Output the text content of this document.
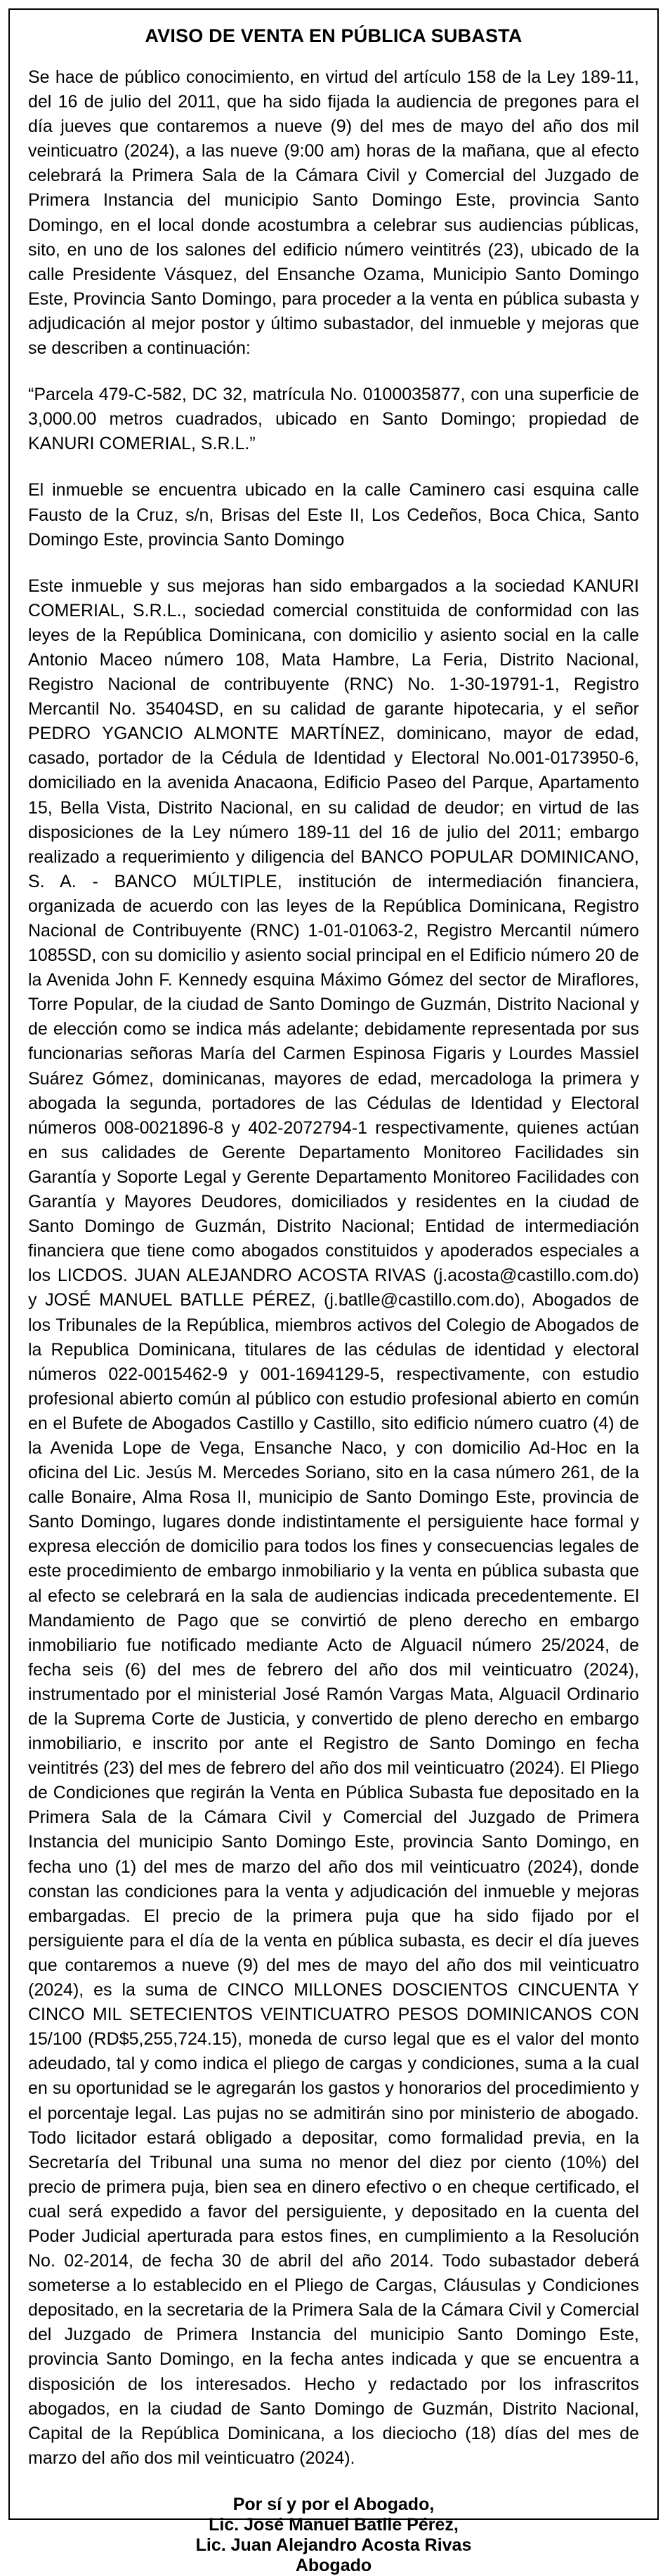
AVISO DE VENTA EN PÚBLICA SUBASTA

Se hace de público conocimiento, en virtud del artículo 158 de la Ley 189-11, del 16 de julio del 2011, que ha sido fijada la audiencia de pregones para el día jueves que contaremos a nueve (9) del mes de mayo del año dos mil veinticuatro (2024), a las nueve (9:00 am) horas de la mañana, que al efecto celebrará la Primera Sala de la Cámara Civil y Comercial del Juzgado de Primera Instancia del municipio Santo Domingo Este, provincia Santo Domingo, en el local donde acostumbra a celebrar sus audiencias públicas, sito, en uno de los salones del edificio número veintitrés (23), ubicado de la calle Presidente Vásquez, del Ensanche Ozama, Municipio Santo Domingo Este, Provincia Santo Domingo, para proceder a la venta en pública subasta y adjudicación al mejor postor y último subastador, del inmueble y mejoras que se describen a continuación:

“Parcela 479-C-582, DC 32, matrícula No. 0100035877, con una superficie de 3,000.00 metros cuadrados, ubicado en Santo Domingo; propiedad de KANURI COMERIAL, S.R.L.”

El inmueble se encuentra ubicado en la calle Caminero casi esquina calle Fausto de la Cruz, s/n, Brisas del Este II, Los Cedeños, Boca Chica, Santo Domingo Este, provincia Santo Domingo

Este inmueble y sus mejoras han sido embargados a la sociedad KANURI COMERIAL, S.R.L., sociedad comercial constituida de conformidad con las leyes de la República Dominicana, con domicilio y asiento social en la calle Antonio Maceo número 108, Mata Hambre, La Feria, Distrito Nacional, Registro Nacional de contribuyente (RNC) No. 1-30-19791-1, Registro Mercantil No. 35404SD, en su calidad de garante hipotecaria, y el señor PEDRO YGANCIO ALMONTE MARTÍNEZ, dominicano, mayor de edad, casado, portador de la Cédula de Identidad y Electoral No.001-0173950-6, domiciliado en la avenida Anacaona, Edificio Paseo del Parque, Apartamento 15, Bella Vista, Distrito Nacional, en su calidad de deudor; en virtud de las disposiciones de la Ley número 189-11 del 16 de julio del 2011; embargo realizado a requerimiento y diligencia del BANCO POPULAR DOMINICANO, S. A. - BANCO MÚLTIPLE, institución de intermediación financiera, organizada de acuerdo con las leyes de la República Dominicana, Registro Nacional de Contribuyente (RNC) 1-01-01063-2, Registro Mercantil número 1085SD, con su domicilio y asiento social principal en el Edificio número 20 de la Avenida John F. Kennedy esquina Máximo Gómez del sector de Miraflores, Torre Popular, de la ciudad de Santo Domingo de Guzmán, Distrito Nacional y de elección como se indica más adelante; debidamente representada por sus funcionarias señoras María del Carmen Espinosa Figaris y Lourdes Massiel Suárez Gómez, dominicanas, mayores de edad, mercadologa la primera y abogada la segunda, portadores de las Cédulas de Identidad y Electoral números 008-0021896-8 y 402-2072794-1 respectivamente, quienes actúan en sus calidades de Gerente Departamento Monitoreo Facilidades sin Garantía y Soporte Legal y Gerente Departamento Monitoreo Facilidades con Garantía y Mayores Deudores, domiciliados y residentes en la ciudad de Santo Domingo de Guzmán, Distrito Nacional; Entidad de intermediación financiera que tiene como abogados constituidos y apoderados especiales a los LICDOS. JUAN ALEJANDRO ACOSTA RIVAS (j.acosta@castillo.com.do) y JOSÉ MANUEL BATLLE PÉREZ, (j.batlle@castillo.com.do), Abogados de los Tribunales de la República, miembros activos del Colegio de Abogados de la Republica Dominicana, titulares de las cédulas de identidad y electoral números 022-0015462-9 y 001-1694129-5, respectivamente, con estudio profesional abierto común al público con estudio profesional abierto en común en el Bufete de Abogados Castillo y Castillo, sito edificio número cuatro (4) de la Avenida Lope de Vega, Ensanche Naco, y con domicilio Ad-Hoc en la oficina del Lic. Jesús M. Mercedes Soriano, sito en la casa número 261, de la calle Bonaire, Alma Rosa II, municipio de Santo Domingo Este, provincia de Santo Domingo, lugares donde indistintamente el persiguiente hace formal y expresa elección de domicilio para todos los fines y consecuencias legales de este procedimiento de embargo inmobiliario y la venta en pública subasta que al efecto se celebrará en la sala de audiencias indicada precedentemente. El Mandamiento de Pago que se convirtió de pleno derecho en embargo inmobiliario fue notificado mediante Acto de Alguacil número 25/2024, de fecha seis (6) del mes de febrero del año dos mil veinticuatro (2024), instrumentado por el ministerial José Ramón Vargas Mata, Alguacil Ordinario de la Suprema Corte de Justicia, y convertido de pleno derecho en embargo inmobiliario, e inscrito por ante el Registro de Santo Domingo en fecha veintitrés (23) del mes de febrero del año dos mil veinticuatro (2024). El Pliego de Condiciones que regirán la Venta en Pública Subasta fue depositado en la Primera Sala de la Cámara Civil y Comercial del Juzgado de Primera Instancia del municipio Santo Domingo Este, provincia Santo Domingo, en fecha uno (1) del mes de marzo del año dos mil veinticuatro (2024), donde constan las condiciones para la venta y adjudicación del inmueble y mejoras embargadas. El precio de la primera puja que ha sido fijado por el persiguiente para el día de la venta en pública subasta, es decir el día jueves que contaremos a nueve (9) del mes de mayo del año dos mil veinticuatro (2024), es la suma de CINCO MILLONES DOSCIENTOS CINCUENTA Y CINCO MIL SETECIENTOS VEINTICUATRO PESOS DOMINICANOS CON 15/100 (RD$5,255,724.15), moneda de curso legal que es el valor del monto adeudado, tal y como indica el pliego de cargas y condiciones, suma a la cual en su oportunidad se le agregarán los gastos y honorarios del procedimiento y el porcentaje legal. Las pujas no se admitirán sino por ministerio de abogado. Todo licitador estará obligado a depositar, como formalidad previa, en la Secretaría del Tribunal una suma no menor del diez por ciento (10%) del precio de primera puja, bien sea en dinero efectivo o en cheque certificado, el cual será expedido a favor del persiguiente, y depositado en la cuenta del Poder Judicial aperturada para estos fines, en cumplimiento a la Resolución No. 02-2014, de fecha 30 de abril del año 2014. Todo subastador deberá someterse a lo establecido en el Pliego de Cargas, Cláusulas y Condiciones depositado, en la secretaria de la Primera Sala de la Cámara Civil y Comercial del Juzgado de Primera Instancia del municipio Santo Domingo Este, provincia Santo Domingo, en la fecha antes indicada y que se encuentra a disposición de los interesados. Hecho y redactado por los infrascritos abogados, en la ciudad de Santo Domingo de Guzmán, Distrito Nacional, Capital de la República Dominicana, a los dieciocho (18) días del mes de marzo del año dos mil veinticuatro (2024).

Por sí y por el Abogado,
Lic. José Manuel Batlle Pérez,
Lic. Juan Alejandro Acosta Rivas
Abogado
